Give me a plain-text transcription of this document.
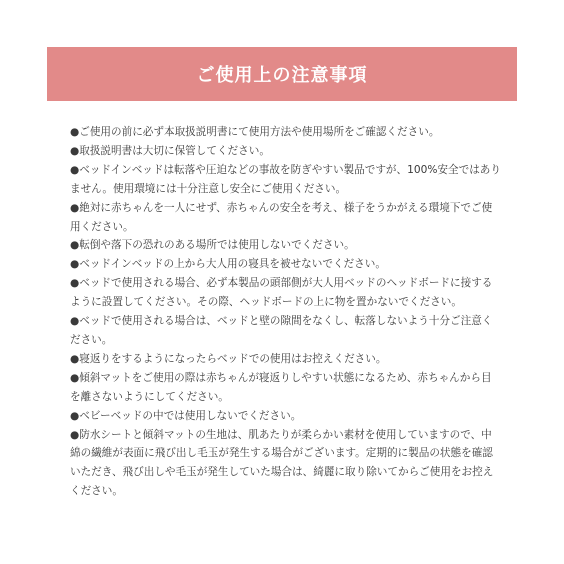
ご使用上の注意事項
●ご使用の前に必ず本取扱説明書にて使用方法や使用場所をご確認ください。
●取扱説明書は大切に保管してください。
●ベッドインベッドは転落や圧迫などの事故を防ぎやすい製品ですが、100%安全ではありません。使用環境には十分注意し安全にご使用ください。
●絶対に赤ちゃんを一人にせず、赤ちゃんの安全を考え、様子をうかがえる環境下でご使用ください。
●転倒や落下の恐れのある場所では使用しないでください。
●ベッドインベッドの上から大人用の寝具を被せないでください。
●ベッドで使用される場合、必ず本製品の頭部側が大人用ベッドのヘッドボードに接するように設置してください。その際、ヘッドボードの上に物を置かないでください。
●ベッドで使用される場合は、ベッドと壁の隙間をなくし、転落しないよう十分ご注意ください。
●寝返りをするようになったらベッドでの使用はお控えください。
●傾斜マットをご使用の際は赤ちゃんが寝返りしやすい状態になるため、赤ちゃんから目を離さないようにしてください。
●ベビーベッドの中では使用しないでください。
●防水シートと傾斜マットの生地は、肌あたりが柔らかい素材を使用していますので、中綿の繊維が表面に飛び出し毛玉が発生する場合がございます。定期的に製品の状態を確認いただき、飛び出しや毛玉が発生していた場合は、綺麗に取り除いてからご使用をお控えください。
